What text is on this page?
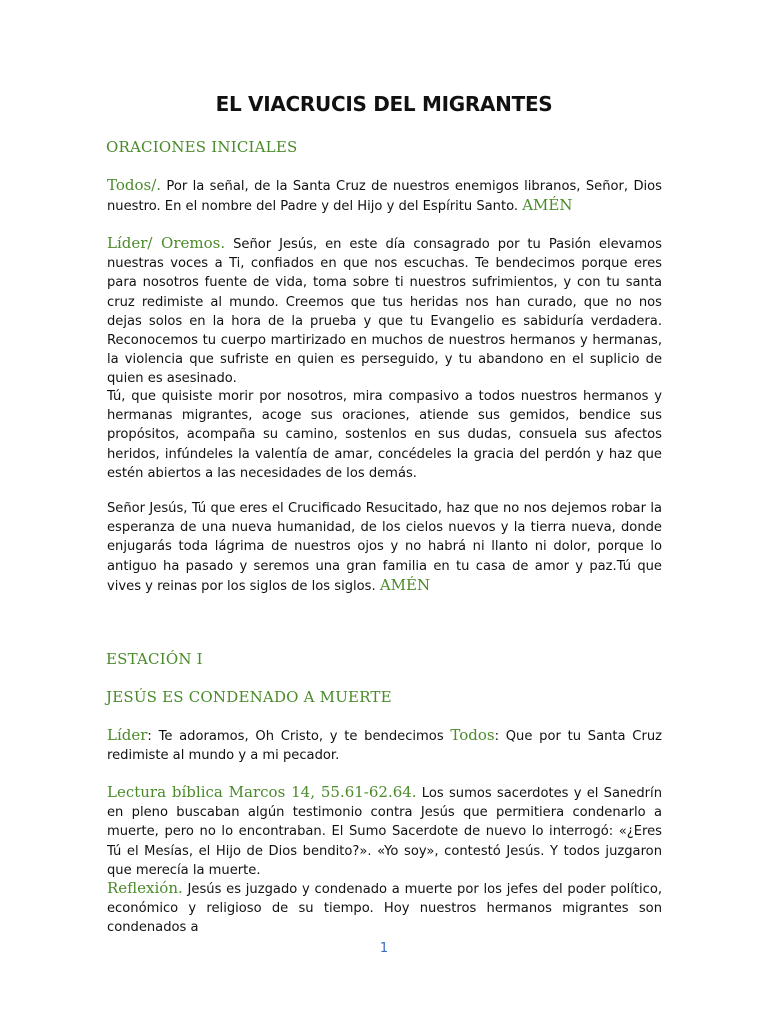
EL VIACRUCIS DEL MIGRANTES
ORACIONES INICIALES
Todos/. Por la señal, de la Santa Cruz de nuestros enemigos libranos, Señor, Dios nuestro. En el nombre del Padre y del Hijo y del Espíritu Santo. AMÉN
Líder/ Oremos. Señor Jesús, en este día consagrado por tu Pasión elevamos nuestras voces a Ti, confiados en que nos escuchas. Te bendecimos porque eres para nosotros fuente de vida, toma sobre ti nuestros sufrimientos, y con tu santa cruz redimiste al mundo. Creemos que tus heridas nos han curado, que no nos dejas solos en la hora de la prueba y que tu Evangelio es sabiduría verdadera. Reconocemos tu cuerpo martirizado en muchos de nuestros hermanos y hermanas, la violencia que sufriste en quien es perseguido, y tu abandono en el suplicio de quien es asesinado.
Tú, que quisiste morir por nosotros, mira compasivo a todos nuestros hermanos y hermanas migrantes, acoge sus oraciones, atiende sus gemidos, bendice sus propósitos, acompaña su camino, sostenlos en sus dudas, consuela sus afectos heridos, infúndeles la valentía de amar, concédeles la gracia del perdón y haz que estén abiertos a las necesidades de los demás.
Señor Jesús, Tú que eres el Crucificado Resucitado, haz que no nos dejemos robar la esperanza de una nueva humanidad, de los cielos nuevos y la tierra nueva, donde enjugarás toda lágrima de nuestros ojos y no habrá ni llanto ni dolor, porque lo antiguo ha pasado y seremos una gran familia en tu casa de amor y paz.Tú que vives y reinas por los siglos de los siglos. AMÉN
ESTACIÓN I
JESÚS ES CONDENADO A MUERTE
Líder: Te adoramos, Oh Cristo, y te bendecimos Todos: Que por tu Santa Cruz redimiste al mundo y a mi pecador.
Lectura bíblica Marcos 14, 55.61-62.64. Los sumos sacerdotes y el Sanedrín en pleno buscaban algún testimonio contra Jesús que permitiera condenarlo a muerte, pero no lo encontraban. El Sumo Sacerdote de nuevo lo interrogó: «¿Eres Tú el Mesías, el Hijo de Dios bendito?». «Yo soy», contestó Jesús. Y todos juzgaron que merecía la muerte.
Reflexión. Jesús es juzgado y condenado a muerte por los jefes del poder político, económico y religioso de su tiempo. Hoy nuestros hermanos migrantes son condenados a
1
